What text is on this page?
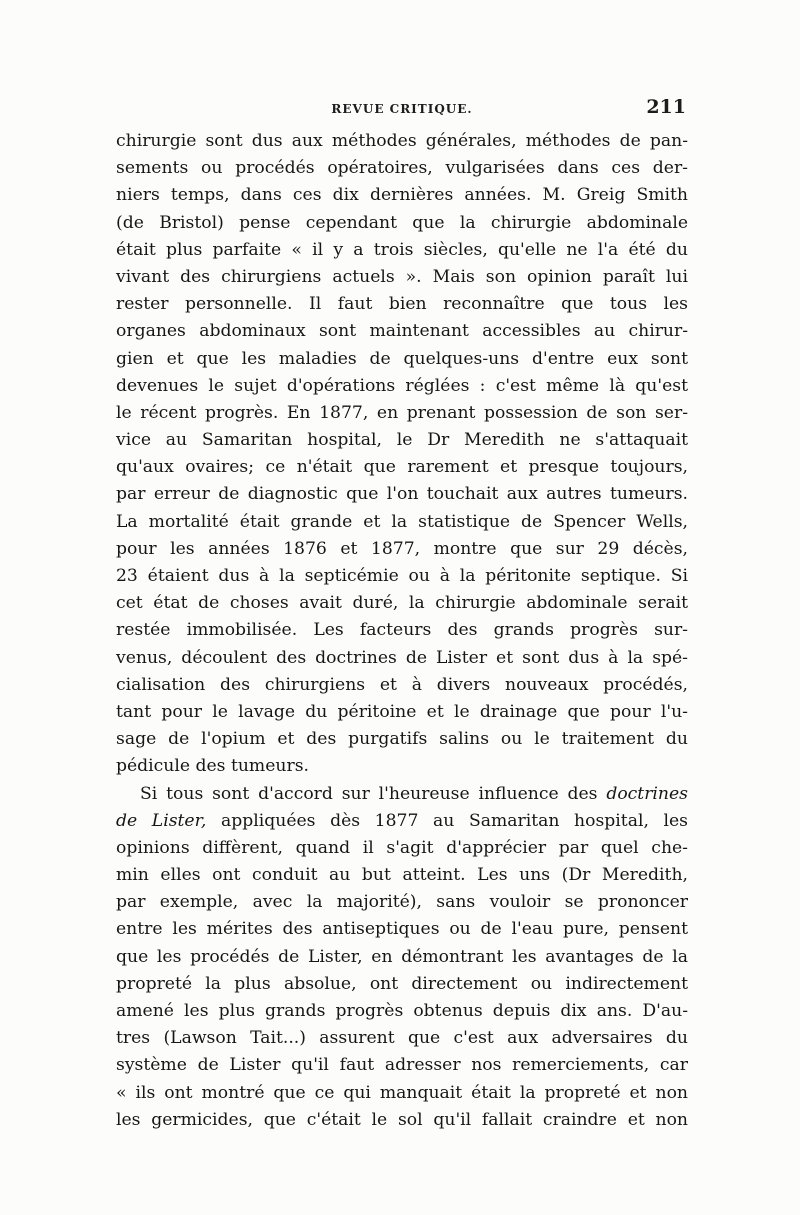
REVUE CRITIQUE.	211
chirurgie sont dus aux méthodes générales, méthodes de pan-
sements ou procédés opératoires, vulgarisées dans ces der-
niers temps, dans ces dix dernières années. M. Greig Smith
(de Bristol) pense cependant que la chirurgie abdominale
était plus parfaite « il y a trois siècles, qu'elle ne l'a été du
vivant des chirurgiens actuels ». Mais son opinion paraît lui
rester personnelle. Il faut bien reconnaître que tous les
organes abdominaux sont maintenant accessibles au chirur-
gien et que les maladies de quelques-uns d'entre eux sont
devenues le sujet d'opérations réglées : c'est même là qu'est
le récent progrès. En 1877, en prenant possession de son ser-
vice au Samaritan hospital, le Dr Meredith ne s'attaquait
qu'aux ovaires; ce n'était que rarement et presque toujours,
par erreur de diagnostic que l'on touchait aux autres tumeurs.
La mortalité était grande et la statistique de Spencer Wells,
pour les années 1876 et 1877, montre que sur 29 décès,
23 étaient dus à la septicémie ou à la péritonite septique. Si
cet état de choses avait duré, la chirurgie abdominale serait
restée immobilisée. Les facteurs des grands progrès sur-
venus, découlent des doctrines de Lister et sont dus à la spé-
cialisation des chirurgiens et à divers nouveaux procédés,
tant pour le lavage du péritoine et le drainage que pour l'u-
sage de l'opium et des purgatifs salins ou le traitement du
pédicule des tumeurs.
Si tous sont d'accord sur l'heureuse influence des doctrines
de Lister, appliquées dès 1877 au Samaritan hospital, les
opinions diffèrent, quand il s'agit d'apprécier par quel che-
min elles ont conduit au but atteint. Les uns (Dr Meredith,
par exemple, avec la majorité), sans vouloir se prononcer
entre les mérites des antiseptiques ou de l'eau pure, pensent
que les procédés de Lister, en démontrant les avantages de la
propreté la plus absolue, ont directement ou indirectement
amené les plus grands progrès obtenus depuis dix ans. D'au-
tres (Lawson Tait...) assurent que c'est aux adversaires du
système de Lister qu'il faut adresser nos remerciements, car
« ils ont montré que ce qui manquait était la propreté et non
les germicides, que c'était le sol qu'il fallait craindre et non
